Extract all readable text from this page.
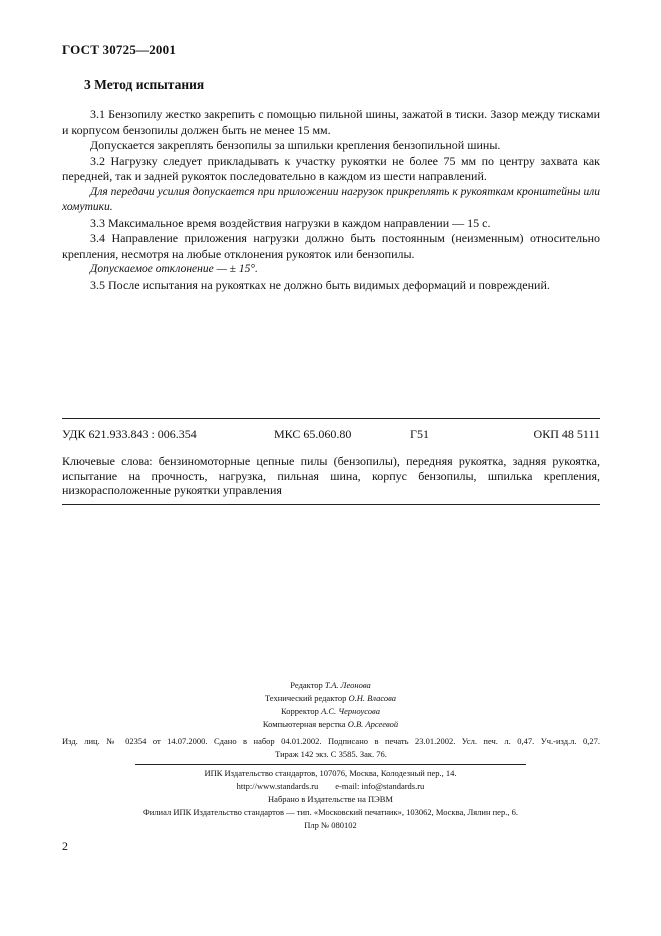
ГОСТ 30725—2001
3 Метод испытания

3.1 Бензопилу жестко закрепить с помощью пильной шины, зажатой в тиски. Зазор между тисками и корпусом бензопилы должен быть не менее 15 мм.

Допускается закреплять бензопилы за шпильки крепления бензопильной шины.

3.2 Нагрузку следует прикладывать к участку рукоятки не более 75 мм по центру захвата как передней, так и задней рукояток последовательно в каждом из шести направлений.

Для передачи усилия допускается при приложении нагрузок прикреплять к рукояткам кронштейны или хомутики.

3.3 Максимальное время воздействия нагрузки в каждом направлении — 15 с.

3.4 Направление приложения нагрузки должно быть постоянным (неизменным) относительно крепления, несмотря на любые отклонения рукояток или бензопилы.

Допускаемое отклонение — ± 15°.

3.5 После испытания на рукоятках не должно быть видимых деформаций и повреждений.

УДК 621.933.843 : 006.354	МКС 65.060.80	Г51	ОКП 48 5111
Ключевые слова: бензиномоторные цепные пилы (бензопилы), передняя рукоятка, задняя рукоятка, испытание на прочность, нагрузка, пильная шина, корпус бензопилы, шпилька крепления, низкорасположенные рукоятки управления
Редактор Т.А. Леонова
Технический редактор О.Н. Власова
Корректор А.С. Черноусова
Компьютерная верстка О.В. Арсеевой
Изд. лиц. № 02354 от 14.07.2000. Сдано в набор 04.01.2002. Подписано в печать 23.01.2002. Усл. печ. л. 0,47. Уч.-изд.л. 0,27.
Тираж 142 экз. С 3585. Зак. 76.
ИПК Издательство стандартов, 107076, Москва, Колодезный пер., 14.
http://www.standards.ru e-mail: info@standards.ru
Набрано в Издательстве на ПЭВМ
Филиал ИПК Издательство стандартов — тип. «Московский печатник», 103062, Москва, Лялин пер., 6.
Плр № 080102
2
